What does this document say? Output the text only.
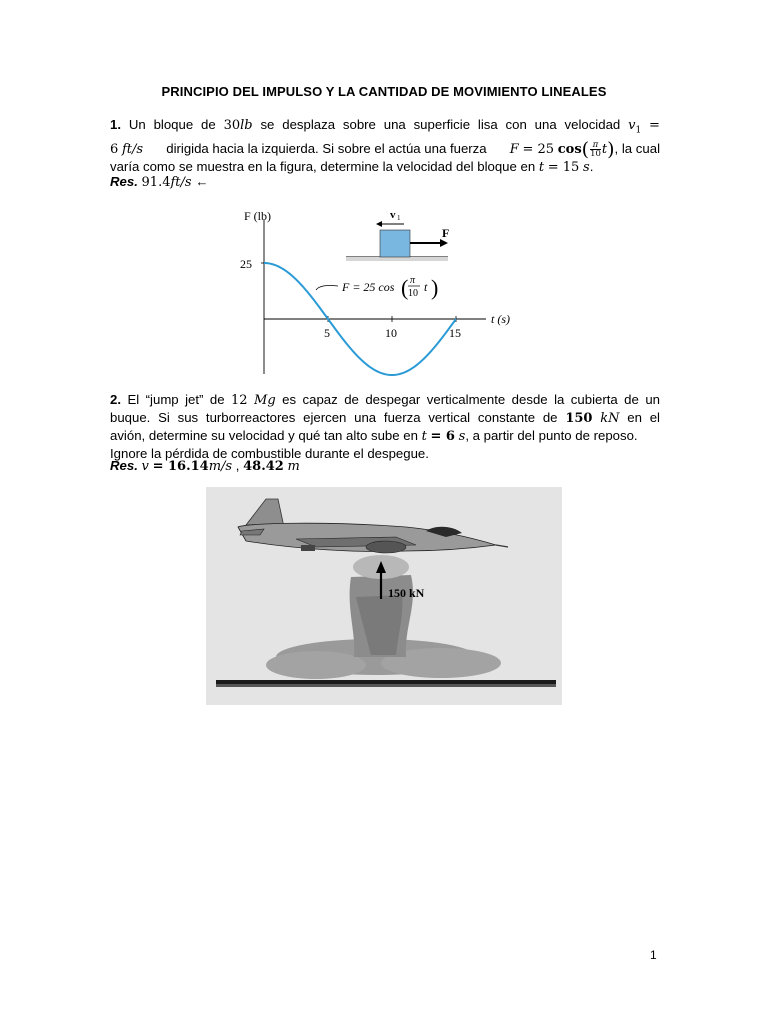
PRINCIPIO DEL IMPULSO Y LA CANTIDAD DE MOVIMIENTO LINEALES
1. Un bloque de 30lb se desplaza sobre una superficie lisa con una velocidad $v_1$ =
6 ft/s dirigida hacia la izquierda. Si sobre el actúa una fuerza F = 25 $\cos( \frac{\pi}{10} t)$, la cual
varía como se muestra en la figura, determine la velocidad del bloque en t = 15 s.
Res. 91.4ft/s ←
F (lb)
t (s)
25
5	10	15
F = 25 cos ( π
10 t )
F
v 1
2. El “jump jet” de 12 Mg es capaz de despegar verticalmente desde la cubierta de un
buque. Si sus turborreactores ejercen una fuerza vertical constante de 150 kN en el
avión, determine su velocidad y qué tan alto sube en t = 6 s, a partir del punto de reposo.
Ignore la pérdida de combustible durante el despegue.
Res. v = 16.14m/s , 48.42 m
150 kN
1
